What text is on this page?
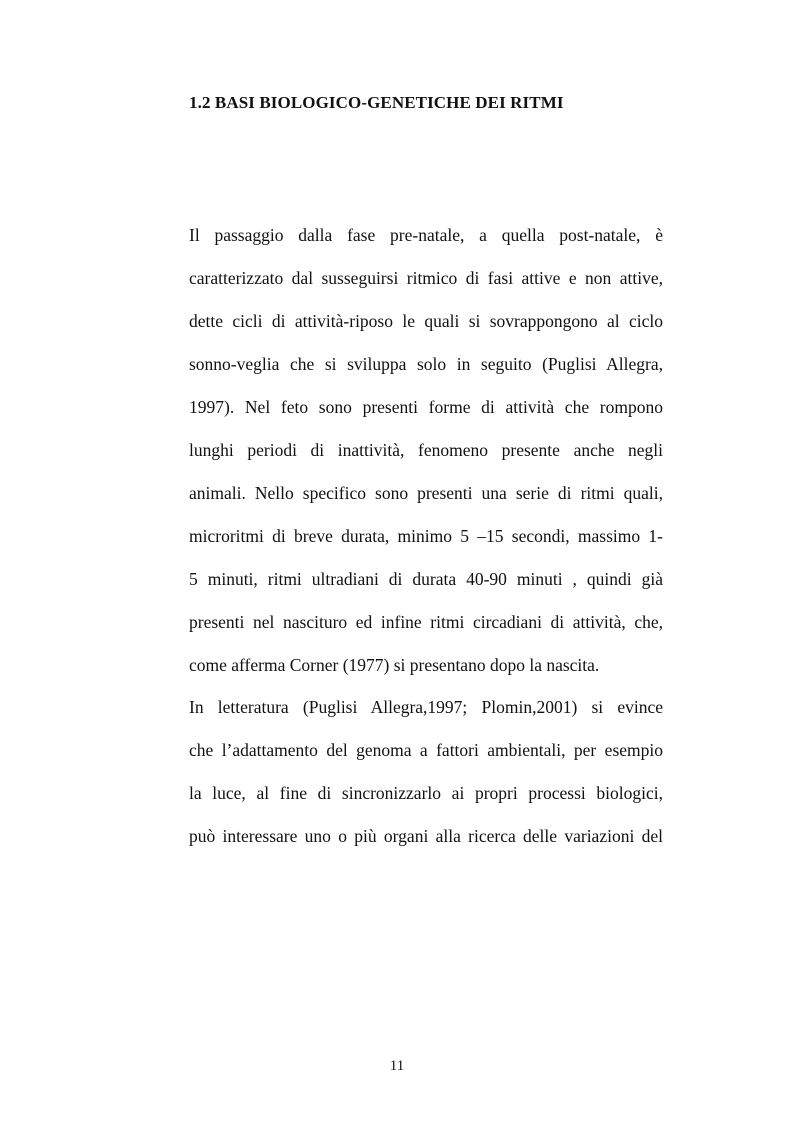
1.2 BASI BIOLOGICO-GENETICHE DEI RITMI
Il passaggio dalla fase pre-natale, a quella post-natale, è
caratterizzato dal susseguirsi ritmico di fasi attive e non attive,
dette cicli di attività-riposo le quali si sovrappongono al ciclo
sonno-veglia che si sviluppa solo in seguito (Puglisi Allegra,
1997). Nel feto sono presenti forme di attività che rompono
lunghi periodi di inattività, fenomeno presente anche negli
animali. Nello specifico sono presenti una serie di ritmi quali,
microritmi di breve durata, minimo 5 –15 secondi, massimo 1-
5 minuti, ritmi ultradiani di durata 40-90 minuti , quindi già
presenti nel nascituro ed infine ritmi circadiani di attività, che,
come afferma Corner (1977) si presentano dopo la nascita.
In letteratura (Puglisi Allegra,1997; Plomin,2001) si evince
che l’adattamento del genoma a fattori ambientali, per esempio
la luce, al fine di sincronizzarlo ai propri processi biologici,
può interessare uno o più organi alla ricerca delle variazioni del

11
